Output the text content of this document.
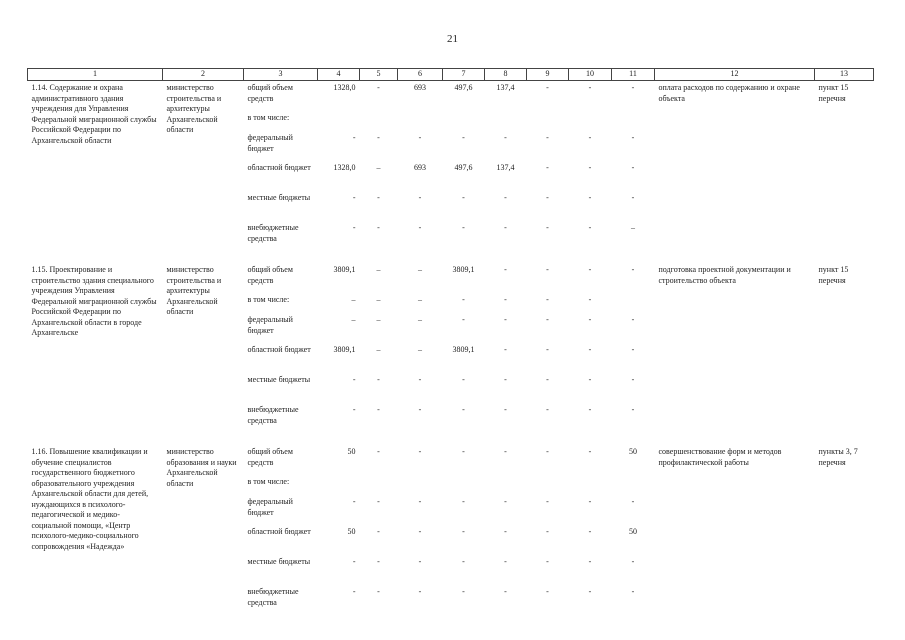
21
1	2	3	4	5	6	7	8	9	10	11	12	13
1.14. Содержание и охрана административного здания учреждения для Управления Федеральной миграционной службы Российской Федерации по Архангельской области	министерство строительства и архитектуры Архангельской области	общий объем средств	1328,0	-	693	497,6	137,4	-	-	-	оплата расходов по содержанию и охране объекта	пункт 15 перечня
		в том числе:										
		федеральный бюджет	-	-	-	-	-	-	-	-		
		областной бюджет	1328,0	–	693	497,6	137,4	-	-	-		
		местные бюджеты	-	-	-	-	-	-	-	-		
		внебюджетные средства	-	-	-	-	-	-	-	–		

1.15. Проектирование и строительство здания специального учреждения Управления Федеральной миграционной службы Российской Федерации по Архангельской области в городе Архангельске	министерство строительства и архитектуры Архангельской области	общий объем средств	3809,1	–	–	3809,1	-	-	-	-	подготовка проектной документации и строительство объекта	пункт 15 перечня
		в том числе:	–	–	–	-	-	-	-			
		федеральный бюджет	–	–	–	-	-	-	-	-		
		областной бюджет	3809,1	–	–	3809,1	-	-	-	-		
		местные бюджеты	-	-	-	-	-	-	-	-		
		внебюджетные средства	-	-	-	-	-	-	-	-		

1.16. Повышение квалификации и обучение специалистов государственного бюджетного образовательного учреждения Архангельской области для детей, нуждающихся в психолого-педагогической и медико-социальной помощи, «Центр психолого-медико-социального сопровождения «Надежда»	министерство образования и науки Архангельской области	общий объем средств	50	-	-	-	-	-	-	50	совершенствование форм и методов профилактической работы	пункты 3, 7 перечня
		в том числе:										
		федеральный бюджет	-	-	-	-	-	-	-	-		
		областной бюджет	50	-	-	-	-	-	-	50		
		местные бюджеты	-	-	-	-	-	-	-	-		
		внебюджетные средства	-	-	-	-	-	-	-	-		
